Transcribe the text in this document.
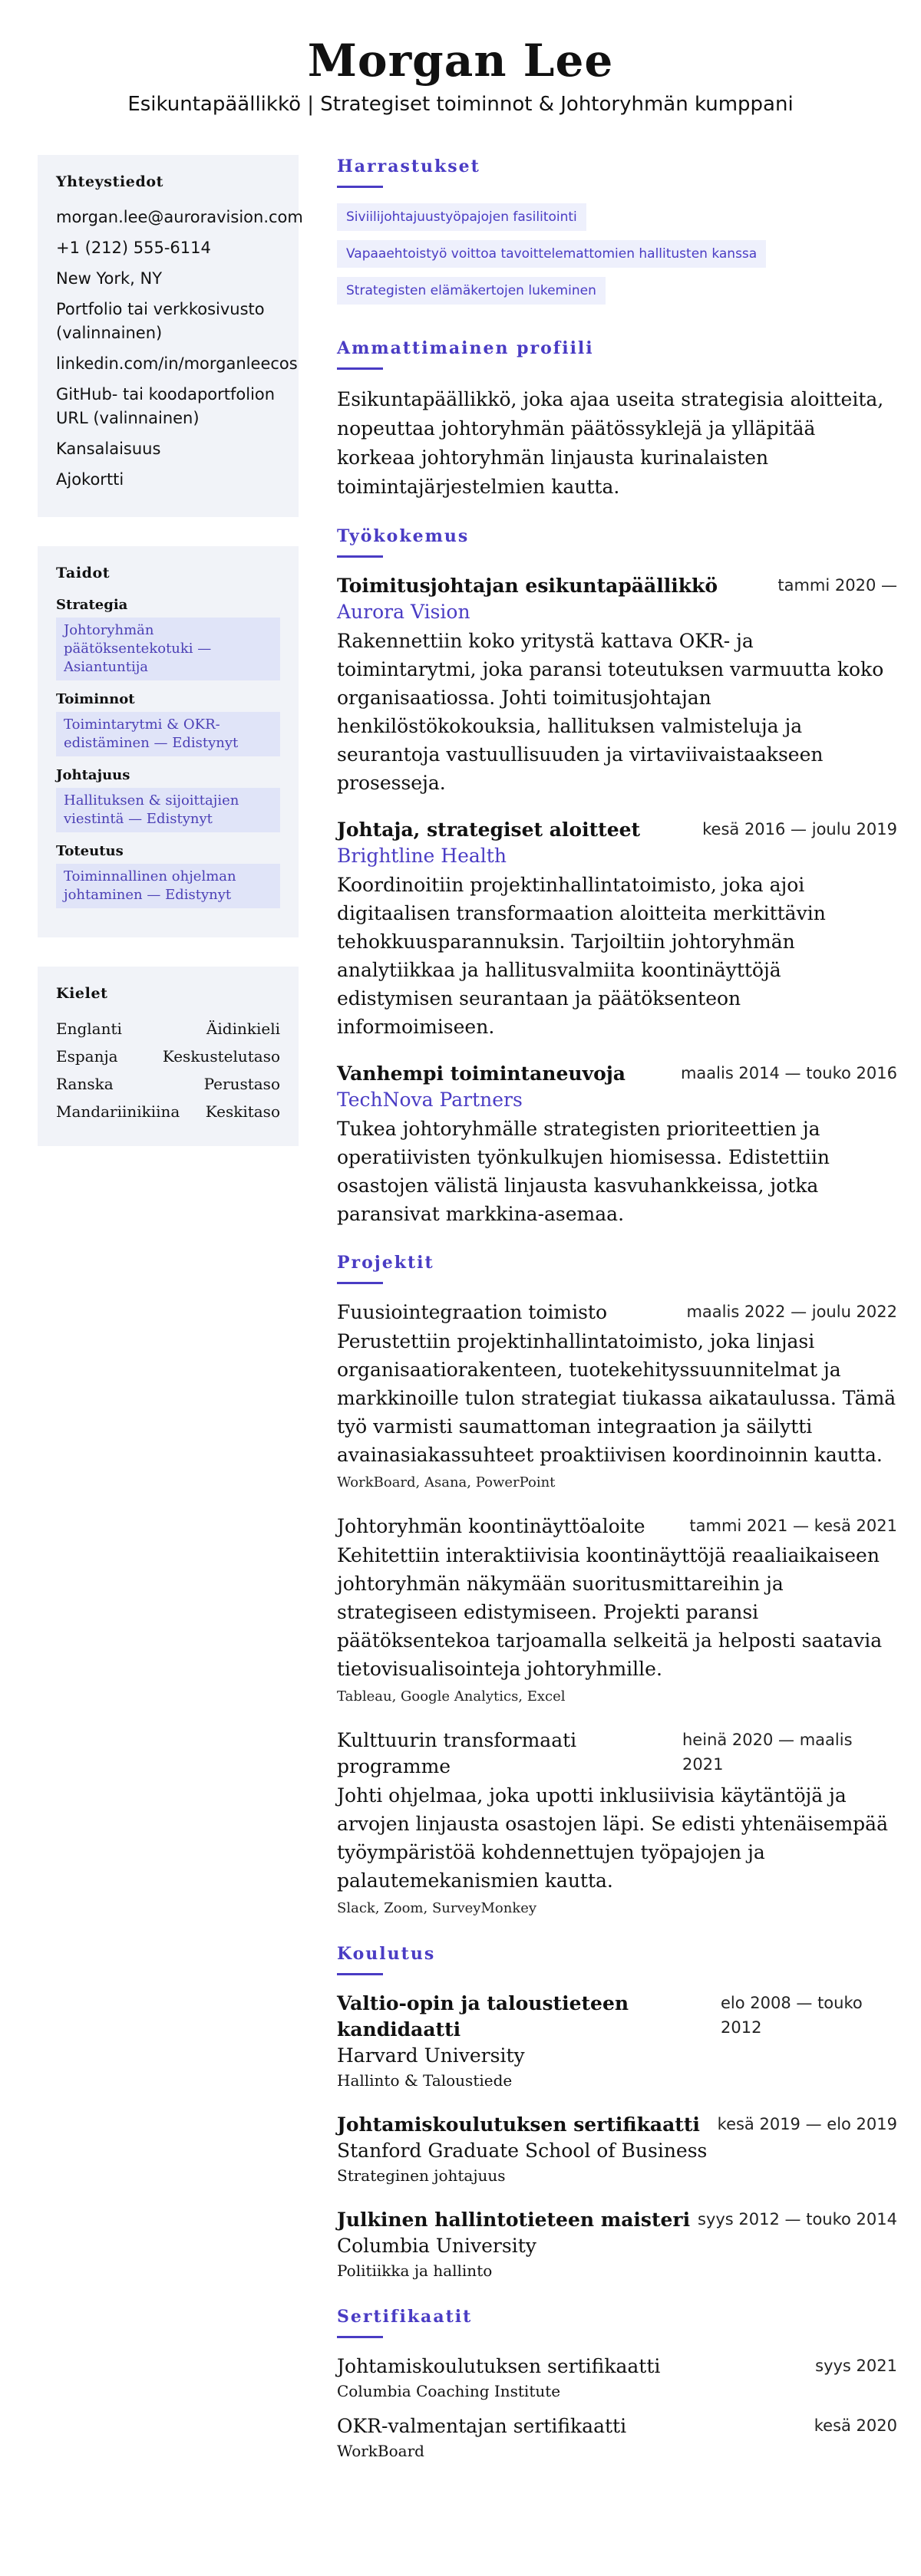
Morgan Lee
Esikuntapäällikkö | Strategiset toiminnot & Johtoryhmän kumppani
Yhteystiedot
morgan.lee@auroravision.com
+1 (212) 555-6114
New York, NY
Portfolio tai verkkosivusto (valinnainen)
linkedin.com/in/morganleecos
GitHub- tai koodaportfolion URL (valinnainen)
Kansalaisuus
Ajokortti
Taidot
Strategia
Johtoryhmän päätöksentekotuki — Asiantuntija
Toiminnot
Toimintarytmi & OKR-edistäminen — Edistynyt
Johtajuus
Hallituksen & sijoittajien viestintä — Edistynyt
Toteutus
Toiminnallinen ohjelman johtaminen — Edistynyt
Kielet
Englanti	Äidinkieli
Espanja	Keskustelutaso
Ranska	Perustaso
Mandariinikiina Keskitaso
Harrastukset
Siviilijohtajuustyöpajojen fasilitointi
Vapaaehtoistyö voittoa tavoittelemattomien hallitusten kanssa
Strategisten elämäkertojen lukeminen
Ammattimainen profiili
Esikuntapäällikkö, joka ajaa useita strategisia aloitteita, nopeuttaa johtoryhmän päätössyklejä ja ylläpitää korkeaa johtoryhmän linjausta kurinalaisten toimintajärjestelmien kautta.
Työkokemus
Toimitusjohtajan esikuntapäällikkö	tammi 2020 —
Aurora Vision
Rakennettiin koko yritystä kattava OKR- ja toimintarytmi, joka paransi toteutuksen varmuutta koko organisaatiossa. Johti toimitusjohtajan henkilöstökokouksia, hallituksen valmisteluja ja seurantoja vastuullisuuden ja virtaviivaistaakseen prosesseja.
Johtaja, strategiset aloitteet	kesä 2016 — joulu 2019
Brightline Health
Koordinoitiin projektinhallintatoimisto, joka ajoi digitaalisen transformaation aloitteita merkittävin tehokkuusparannuksin. Tarjoiltiin johtoryhmän analytiikkaa ja hallitusvalmiita koontinäyttöjä edistymisen seurantaan ja päätöksenteon informoimiseen.
Vanhempi toimintaneuvoja	maalis 2014 — touko 2016
TechNova Partners
Tukea johtoryhmälle strategisten prioriteettien ja operatiivisten työnkulkujen hiomisessa. Edistettiin osastojen välistä linjausta kasvuhankkeissa, jotka paransivat markkina-asemaa.
Projektit
Fuusiointegraation toimisto	maalis 2022 — joulu 2022
Perustettiin projektinhallintatoimisto, joka linjasi organisaatiorakenteen, tuotekehityssuunnitelmat ja markkinoille tulon strategiat tiukassa aikataulussa. Tämä työ varmisti saumattoman integraation ja säilytti avainasiakassuhteet proaktiivisen koordinoinnin kautta.
WorkBoard, Asana, PowerPoint
Johtoryhmän koontinäyttöaloite	tammi 2021 — kesä 2021
Kehitettiin interaktiivisia koontinäyttöjä reaaliaikaiseen johtoryhmän näkymään suoritusmittareihin ja strategiseen edistymiseen. Projekti paransi päätöksentekoa tarjoamalla selkeitä ja helposti saatavia tietovisualisointeja johtoryhmille.
Tableau, Google Analytics, Excel
Kulttuurin transformaati programme
heinä 2020 — maalis 2021
Johti ohjelmaa, joka upotti inklusiivisia käytäntöjä ja arvojen linjausta osastojen läpi. Se edisti yhtenäisempää työympäristöä kohdennettujen työpajojen ja palautemekanismien kautta.
Slack, Zoom, SurveyMonkey
Koulutus
Valtio-opin ja taloustieteen kandidaatti
elo 2008 — touko 2012
Harvard University
Hallinto & Taloustiede
Johtamiskoulutuksen sertifikaatti kesä 2019 — elo 2019
Stanford Graduate School of Business
Strateginen johtajuus
Julkinen hallintotieteen maisteri syys 2012 — touko 2014
Columbia University
Politiikka ja hallinto
Sertifikaatit
Johtamiskoulutuksen sertifikaatti	syys 2021
Columbia Coaching Institute
OKR-valmentajan sertifikaatti	kesä 2020
WorkBoard
